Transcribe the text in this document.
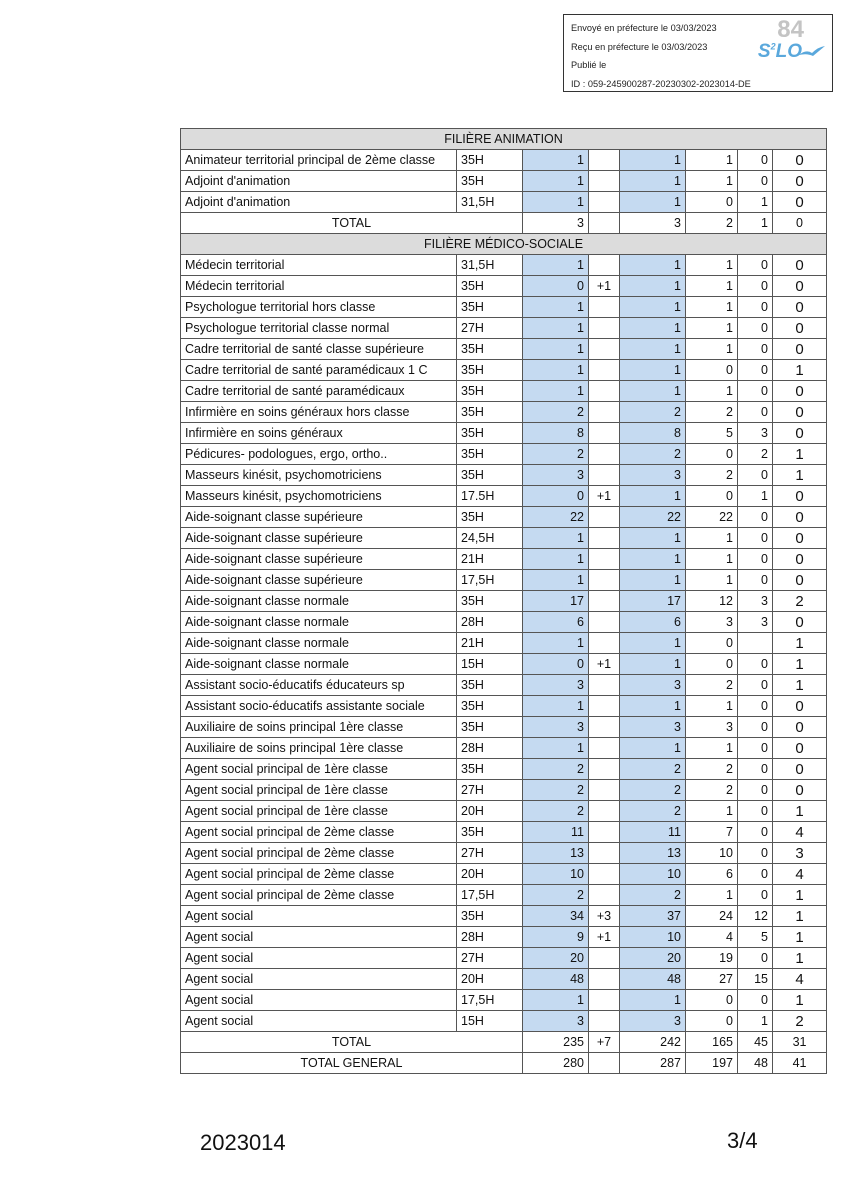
Envoyé en préfecture le 03/03/2023
Reçu en préfecture le 03/03/2023
Publié le
ID : 059-245900287-20230302-2023014-DE
84
$S^2LO$
FILIÈRE ANIMATION							
Animateur territorial principal de 2ème classe	35H	1		1	1	0	0
Adjoint d'animation	35H	1		1	1	0	0
Adjoint d'animation	31,5H	1		1	0	1	0
TOTAL		3		3	2	1	0
FILIÈRE MÉDICO-SOCIALE							
Médecin territorial	31,5H	1		1	1	0	0
Médecin territorial	35H	0	+1	1	1	0	0
Psychologue territorial hors classe	35H	1		1	1	0	0
Psychologue territorial classe normal	27H	1		1	1	0	0
Cadre territorial de santé classe supérieure	35H	1		1	1	0	0
Cadre territorial de santé paramédicaux 1 C	35H	1		1	0	0	1
Cadre territorial de santé paramédicaux	35H	1		1	1	0	0
Infirmière en soins généraux hors classe	35H	2		2	2	0	0
Infirmière en soins généraux	35H	8		8	5	3	0
Pédicures- podologues, ergo, ortho..	35H	2		2	0	2	1
Masseurs kinésit, psychomotriciens	35H	3		3	2	0	1
Masseurs kinésit, psychomotriciens	17.5H	0	+1	1	0	1	0
Aide-soignant classe supérieure	35H	22		22	22	0	0
Aide-soignant classe supérieure	24,5H	1		1	1	0	0
Aide-soignant classe supérieure	21H	1		1	1	0	0
Aide-soignant classe supérieure	17,5H	1		1	1	0	0
Aide-soignant classe normale	35H	17		17	12	3	2
Aide-soignant classe normale	28H	6		6	3	3	0
Aide-soignant classe normale	21H	1		1	0		1
Aide-soignant classe normale	15H	0	+1	1	0	0	1
Assistant socio-éducatifs éducateurs sp	35H	3		3	2	0	1
Assistant socio-éducatifs assistante sociale	35H	1		1	1	0	0
Auxiliaire de soins principal 1ère classe	35H	3		3	3	0	0
Auxiliaire de soins principal 1ère classe	28H	1		1	1	0	0
Agent social principal de 1ère classe	35H	2		2	2	0	0
Agent social principal de 1ère classe	27H	2		2	2	0	0
Agent social principal de 1ère classe	20H	2		2	1	0	1
Agent social principal de 2ème classe	35H	11		11	7	0	4
Agent social principal de 2ème classe	27H	13		13	10	0	3
Agent social principal de 2ème classe	20H	10		10	6	0	4
Agent social principal de 2ème classe	17,5H	2		2	1	0	1
Agent social	35H	34	+3	37	24	12	1
Agent social	28H	9	+1	10	4	5	1
Agent social	27H	20		20	19	0	1
Agent social	20H	48		48	27	15	4
Agent social	17,5H	1		1	0	0	1
Agent social	15H	3		3	0	1	2
TOTAL		235	+7	242	165	45	31
TOTAL GENERAL		280		287	197	48	41
2023014	3/4
